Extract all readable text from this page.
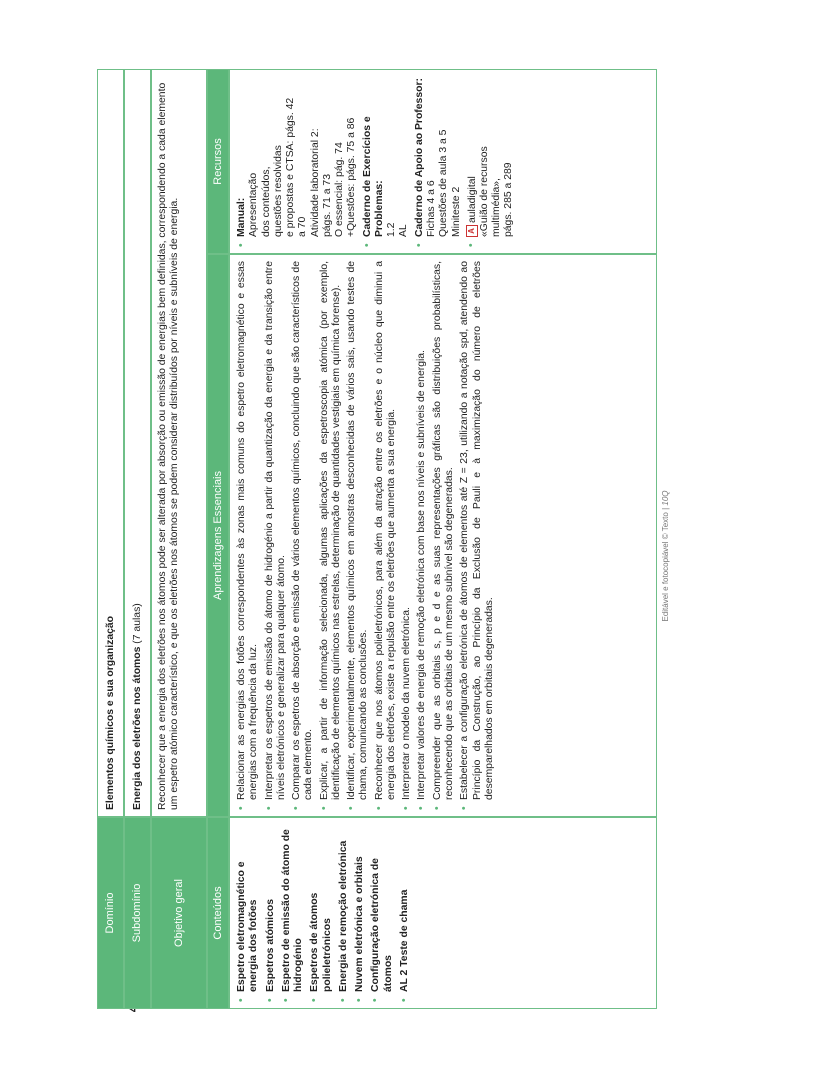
Editável e fotocopiável © Texto | 10Q
Domínio
Elementos químicos e sua organização
Subdomínio
Energia dos eletrões nos átomos (7 aulas)
Objetivo geral
Reconhecer que a energia dos eletrões nos átomos pode ser alterada por absorção ou emissão de energias bem definidas, correspondendo a cada elemento um espetro atómico característico, e que os eletrões nos átomos se podem considerar distribuídos por níveis e subníveis de energia.
Conteúdos
Aprendizagens Essenciais
Recursos
• Espetro eletromagnético e energia dos fotões • Espetros atómicos • Espetro de emissão do átomo de hidrogénio • Espetros de átomos polieletrónicos • Energia de remoção eletrónica • Nuvem eletrónica e orbitais • Configuração eletrónica de átomos • AL 2 Teste de chama
• Relacionar as energias dos fotões correspondentes às zonas mais comuns do espetro eletromagnético e essas energias com a frequência da luz. • Interpretar os espetros de emissão do átomo de hidrogénio a partir da quantização da energia e da transição entre níveis eletrónicos e generalizar para qualquer átomo. • Comparar os espetros de absorção e emissão de vários elementos químicos, concluindo que são característicos de cada elemento. • Explicar, a partir de informação selecionada, algumas aplicações da espetroscopia atómica (por exemplo, identificação de elementos químicos nas estrelas, determinação de quantidades vestigiais em química forense). • Identificar, experimentalmente, elementos químicos em amostras desconhecidas de vários sais, usando testes de chama, comunicando as conclusões. • Reconhecer que nos átomos polieletrónicos, para além da atração entre os eletrões e o núcleo que diminui a energia dos eletrões, existe a repulsão entre os eletrões que aumenta a sua energia. • Interpretar o modelo da nuvem eletrónica. • Interpretar valores de energia de remoção eletrónica com base nos níveis e subníveis de energia. • Compreender que as orbitais s, p e d e as suas representações gráficas são distribuições probabilísticas, reconhecendo que as orbitais de um mesmo subnível são degeneradas. • Estabelecer a configuração eletrónica de átomos de elementos até Z = 23, utilizando a notação spd, atendendo ao Princípio da Construção, ao Princípio da Exclusão de Pauli e à maximização do número de eletrões desemparelhados em orbitais degeneradas.
• Manual: Apresentação dos conteúdos, questões resolvidas e propostas e CTSA: págs. 42 a 70 Atividade laboratorial 2: págs. 71 a 73 O essencial: pág. 74 +Questões: págs. 75 a 86 • Caderno de Exercícios e Problemas: 1.2 AL • Caderno de Apoio ao Professor: Fichas 4 a 6 Questões de aula 3 a 5 Miniteste 2 • Aauladigital «Guião de recursos multimédia», págs. 285 a 289
